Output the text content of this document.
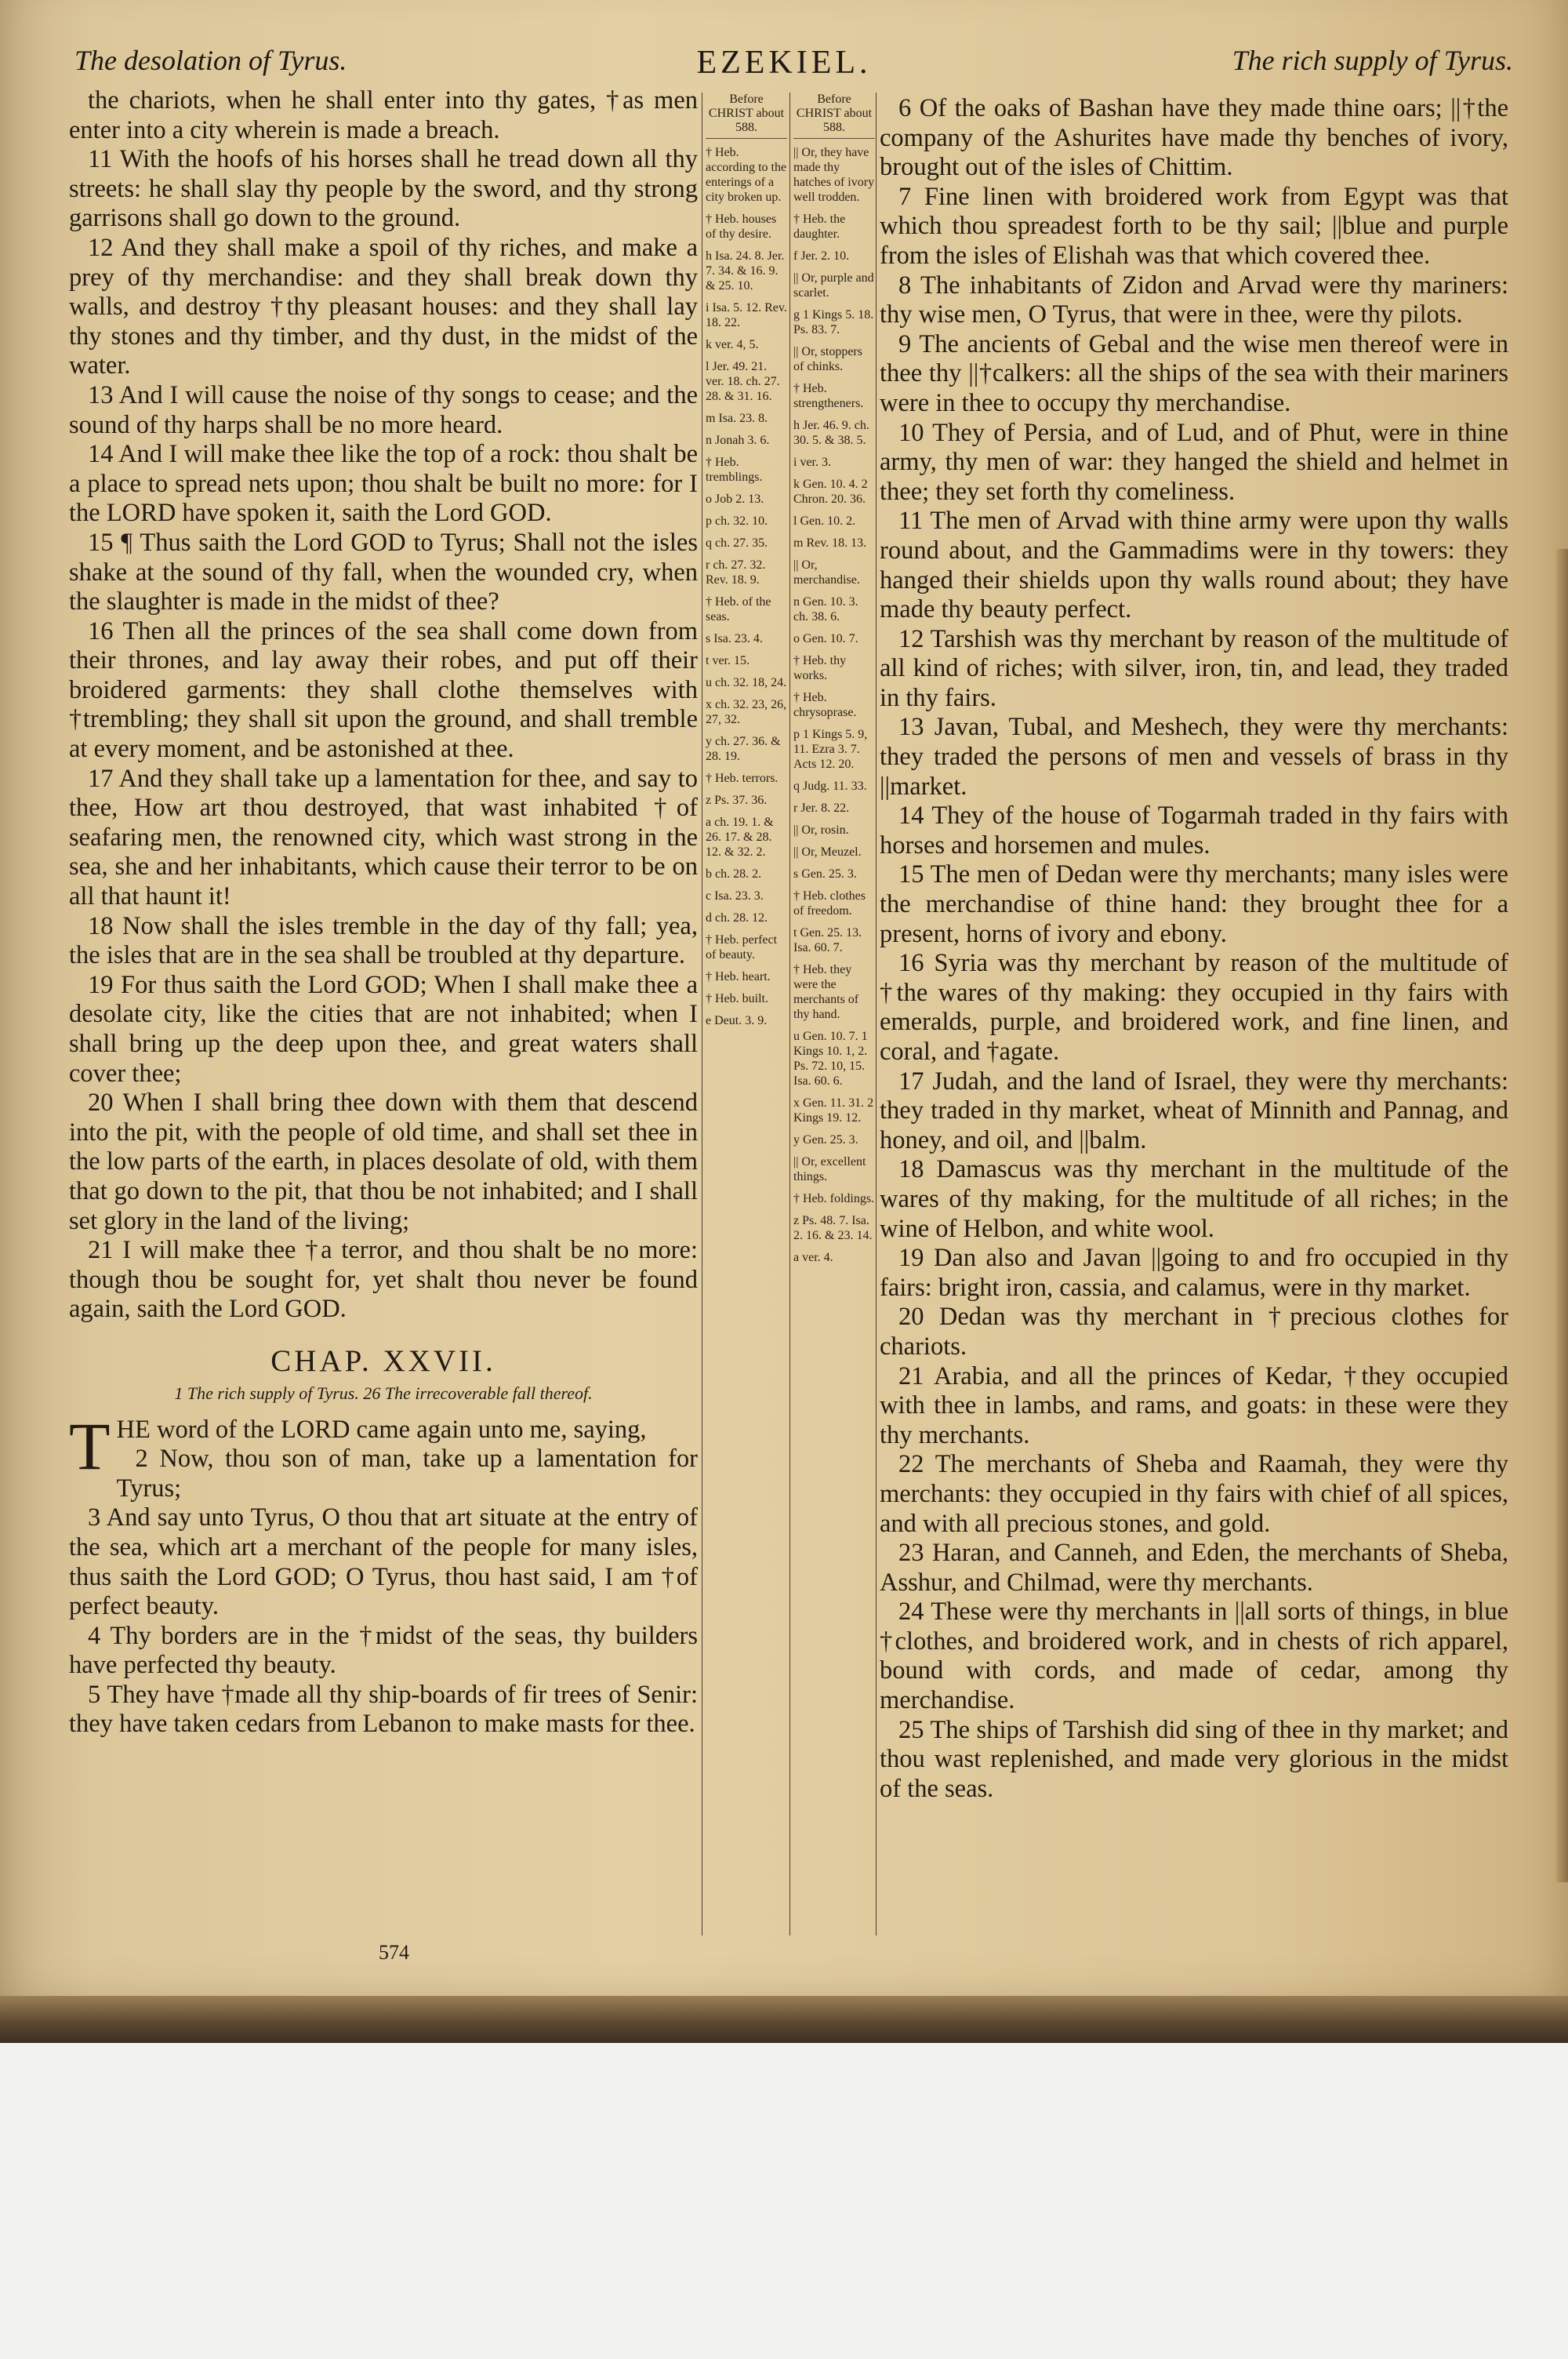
The desolation of Tyrus.	EZEKIEL.	The rich supply of Tyrus.

the chariots, when he shall enter into thy gates, †as men enter into a city wherein is made a breach.

11 With the hoofs of his horses shall he tread down all thy streets: he shall slay thy people by the sword, and thy strong garrisons shall go down to the ground.

12 And they shall make a spoil of thy riches, and make a prey of thy merchandise: and they shall break down thy walls, and destroy †thy pleasant houses: and they shall lay thy stones and thy timber, and thy dust, in the midst of the water.

13 And I will cause the noise of thy songs to cease; and the sound of thy harps shall be no more heard.

14 And I will make thee like the top of a rock: thou shalt be a place to spread nets upon; thou shalt be built no more: for I the LORD have spoken it, saith the Lord GOD.

15 ¶ Thus saith the Lord GOD to Tyrus; Shall not the isles shake at the sound of thy fall, when the wounded cry, when the slaughter is made in the midst of thee?

16 Then all the princes of the sea shall come down from their thrones, and lay away their robes, and put off their broidered garments: they shall clothe themselves with †trembling; they shall sit upon the ground, and shall tremble at every moment, and be astonished at thee.

17 And they shall take up a lamentation for thee, and say to thee, How art thou destroyed, that wast inhabited †of seafaring men, the renowned city, which wast strong in the sea, she and her inhabitants, which cause their terror to be on all that haunt it!

18 Now shall the isles tremble in the day of thy fall; yea, the isles that are in the sea shall be troubled at thy departure.

19 For thus saith the Lord GOD; When I shall make thee a desolate city, like the cities that are not inhabited; when I shall bring up the deep upon thee, and great waters shall cover thee;

20 When I shall bring thee down with them that descend into the pit, with the people of old time, and shall set thee in the low parts of the earth, in places desolate of old, with them that go down to the pit, that thou be not inhabited; and I shall set glory in the land of the living;

21 I will make thee †a terror, and thou shalt be no more: though thou be sought for, yet shalt thou never be found again, saith the Lord GOD.

CHAP. XXVII.
1 The rich supply of Tyrus. 26 The irrecoverable fall thereof.

THE word of the LORD came again unto me, saying,

2 Now, thou son of man, take up a lamentation for Tyrus;

3 And say unto Tyrus, O thou that art situate at the entry of the sea, which art a merchant of the people for many isles, thus saith the Lord GOD; O Tyrus, thou hast said, I am †of perfect beauty.

4 Thy borders are in the †midst of the seas, thy builders have perfected thy beauty.

5 They have †made all thy ship-boards of fir trees of Senir: they have taken cedars from Lebanon to make masts for thee.

Before CHRIST about 588.
† Heb. according to the enterings of a city broken up.
† Heb. houses of thy desire.
h Isa. 24. 8. Jer. 7. 34. & 16. 9. & 25. 10.
i Isa. 5. 12. Rev. 18. 22.
k ver. 4, 5.
l Jer. 49. 21. ver. 18. ch. 27. 28. & 31. 16.
m Isa. 23. 8.
n Jonah 3. 6.
† Heb. tremblings.
o Job 2. 13.
p ch. 32. 10.
q ch. 27. 35.
r ch. 27. 32. Rev. 18. 9.
† Heb. of the seas.
s Isa. 23. 4.
t ver. 15.
u ch. 32. 18, 24.
x ch. 32. 23, 26, 27, 32.
y ch. 27. 36. & 28. 19.
† Heb. terrors.
z Ps. 37. 36.
a ch. 19. 1. & 26. 17. & 28. 12. & 32. 2.
b ch. 28. 2.
c Isa. 23. 3.
d ch. 28. 12.
† Heb. perfect of beauty.
† Heb. heart.
† Heb. built.
e Deut. 3. 9.
Before CHRIST about 588.
|| Or, they have made thy hatches of ivory well trodden.
† Heb. the daughter.
f Jer. 2. 10.
|| Or, purple and scarlet.
g 1 Kings 5. 18. Ps. 83. 7.
|| Or, stoppers of chinks.
† Heb. strengtheners.
h Jer. 46. 9. ch. 30. 5. & 38. 5.
i ver. 3.
k Gen. 10. 4. 2 Chron. 20. 36.
l Gen. 10. 2.
m Rev. 18. 13.
|| Or, merchandise.
n Gen. 10. 3. ch. 38. 6.
o Gen. 10. 7.
† Heb. thy works.
† Heb. chrysoprase.
p 1 Kings 5. 9, 11. Ezra 3. 7. Acts 12. 20.
q Judg. 11. 33.
r Jer. 8. 22.
|| Or, rosin.
|| Or, Meuzel.
s Gen. 25. 3.
† Heb. clothes of freedom.
t Gen. 25. 13. Isa. 60. 7.
† Heb. they were the merchants of thy hand.
u Gen. 10. 7. 1 Kings 10. 1, 2. Ps. 72. 10, 15. Isa. 60. 6.
x Gen. 11. 31. 2 Kings 19. 12.
y Gen. 25. 3.
|| Or, excellent things.
† Heb. foldings.
z Ps. 48. 7. Isa. 2. 16. & 23. 14.
a ver. 4.

6 Of the oaks of Bashan have they made thine oars; ||†the company of the Ashurites have made thy benches of ivory, brought out of the isles of Chittim.

7 Fine linen with broidered work from Egypt was that which thou spreadest forth to be thy sail; ||blue and purple from the isles of Elishah was that which covered thee.

8 The inhabitants of Zidon and Arvad were thy mariners: thy wise men, O Tyrus, that were in thee, were thy pilots.

9 The ancients of Gebal and the wise men thereof were in thee thy ||†calkers: all the ships of the sea with their mariners were in thee to occupy thy merchandise.

10 They of Persia, and of Lud, and of Phut, were in thine army, thy men of war: they hanged the shield and helmet in thee; they set forth thy comeliness.

11 The men of Arvad with thine army were upon thy walls round about, and the Gammadims were in thy towers: they hanged their shields upon thy walls round about; they have made thy beauty perfect.

12 Tarshish was thy merchant by reason of the multitude of all kind of riches; with silver, iron, tin, and lead, they traded in thy fairs.

13 Javan, Tubal, and Meshech, they were thy merchants: they traded the persons of men and vessels of brass in thy ||market.

14 They of the house of Togarmah traded in thy fairs with horses and horsemen and mules.

15 The men of Dedan were thy merchants; many isles were the merchandise of thine hand: they brought thee for a present, horns of ivory and ebony.

16 Syria was thy merchant by reason of the multitude of †the wares of thy making: they occupied in thy fairs with emeralds, purple, and broidered work, and fine linen, and coral, and †agate.

17 Judah, and the land of Israel, they were thy merchants: they traded in thy market, wheat of Minnith and Pannag, and honey, and oil, and ||balm.

18 Damascus was thy merchant in the multitude of the wares of thy making, for the multitude of all riches; in the wine of Helbon, and white wool.

19 Dan also and Javan ||going to and fro occupied in thy fairs: bright iron, cassia, and calamus, were in thy market.

20 Dedan was thy merchant in †precious clothes for chariots.

21 Arabia, and all the princes of Kedar, †they occupied with thee in lambs, and rams, and goats: in these were they thy merchants.

22 The merchants of Sheba and Raamah, they were thy merchants: they occupied in thy fairs with chief of all spices, and with all precious stones, and gold.

23 Haran, and Canneh, and Eden, the merchants of Sheba, Asshur, and Chilmad, were thy merchants.

24 These were thy merchants in ||all sorts of things, in blue †clothes, and broidered work, and in chests of rich apparel, bound with cords, and made of cedar, among thy merchandise.

25 The ships of Tarshish did sing of thee in thy market; and thou wast replenished, and made very glorious in the midst of the seas.

574
